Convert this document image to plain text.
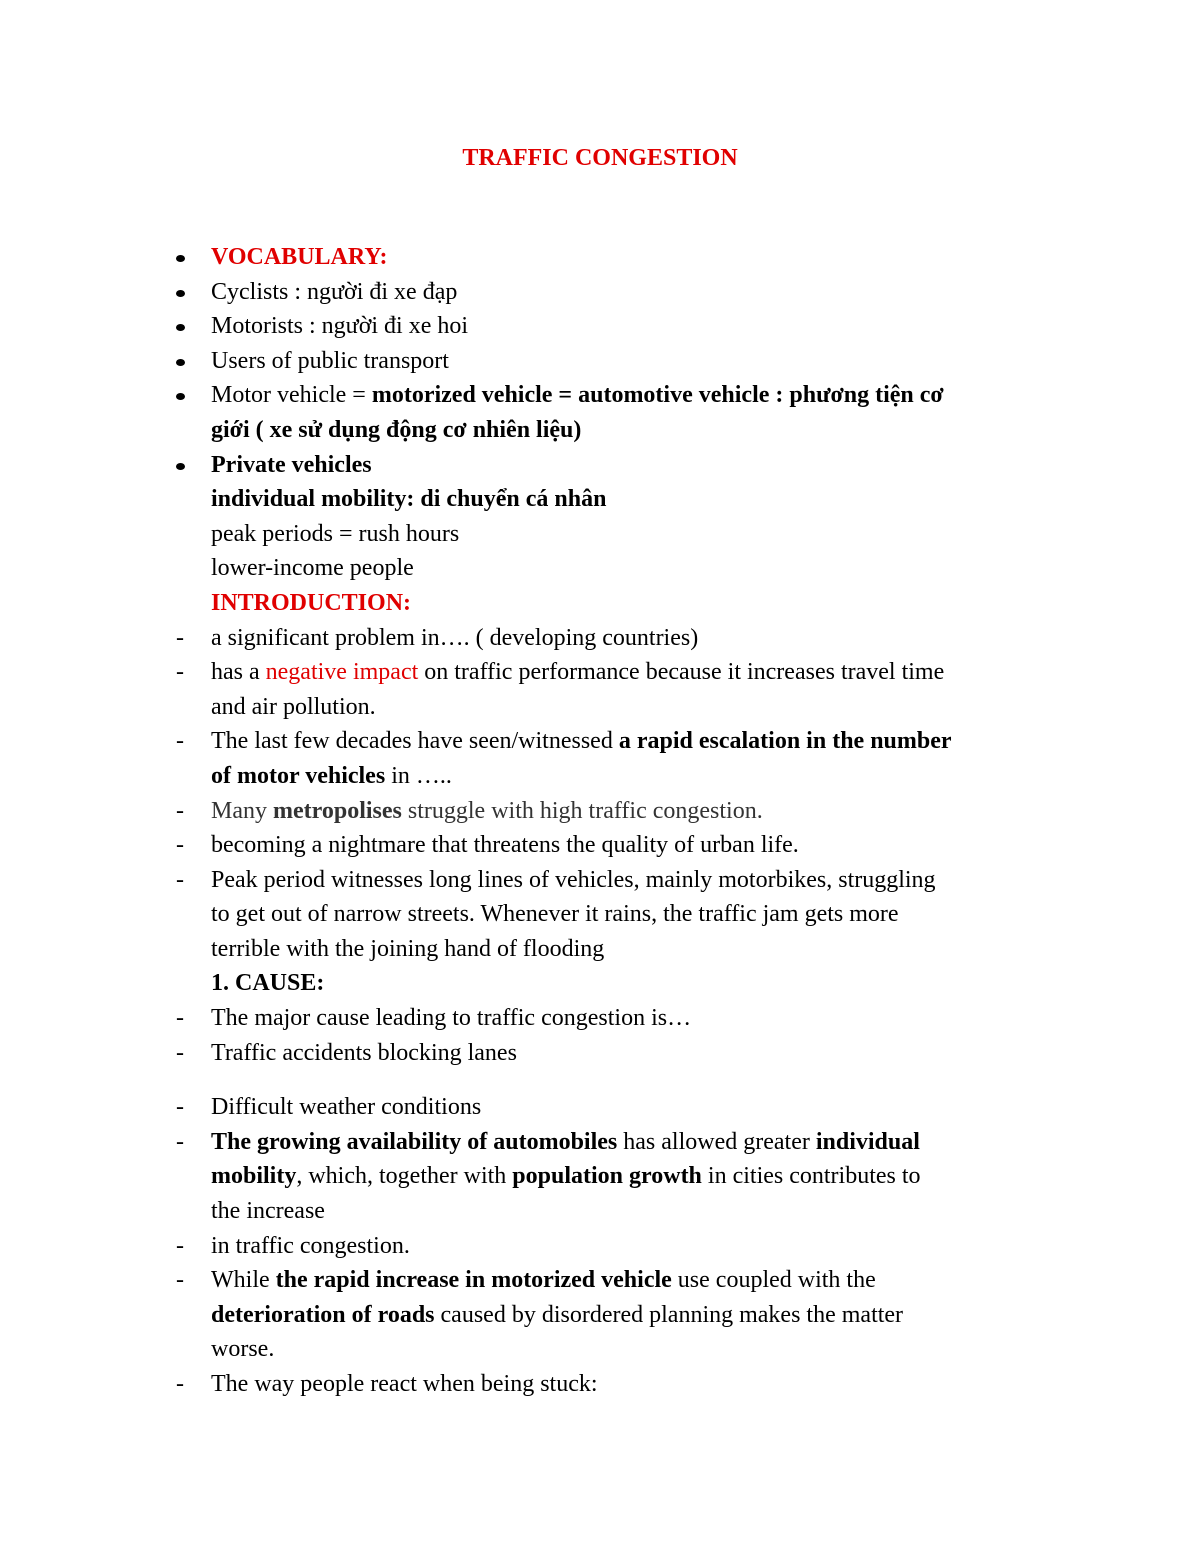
TRAFFIC CONGESTION
VOCABULARY:
Cyclists : người đi xe đạp
Motorists : người đi xe hoi
Users of public transport
Motor vehicle = motorized vehicle = automotive vehicle : phương tiện cơ
giới ( xe sử dụng động cơ nhiên liệu)
Private vehicles
individual mobility: di chuyển cá nhân
peak periods = rush hours
lower-income people
INTRODUCTION:
- a significant problem in…. ( developing countries)
- has a negative impact on traffic performance because it increases travel time
and air pollution.
- The last few decades have seen/witnessed a rapid escalation in the number
of motor vehicles in …..
- Many metropolises struggle with high traffic congestion.
- becoming a nightmare that threatens the quality of urban life.
- Peak period witnesses long lines of vehicles, mainly motorbikes, struggling
to get out of narrow streets. Whenever it rains, the traffic jam gets more
terrible with the joining hand of flooding
1. CAUSE:
- The major cause leading to traffic congestion is…
- Traffic accidents blocking lanes
- Difficult weather conditions
- The growing availability of automobiles has allowed greater individual
mobility, which, together with population growth in cities contributes to
the increase
- in traffic congestion.
- While the rapid increase in motorized vehicle use coupled with the
deterioration of roads caused by disordered planning makes the matter
worse.
- The way people react when being stuck:
